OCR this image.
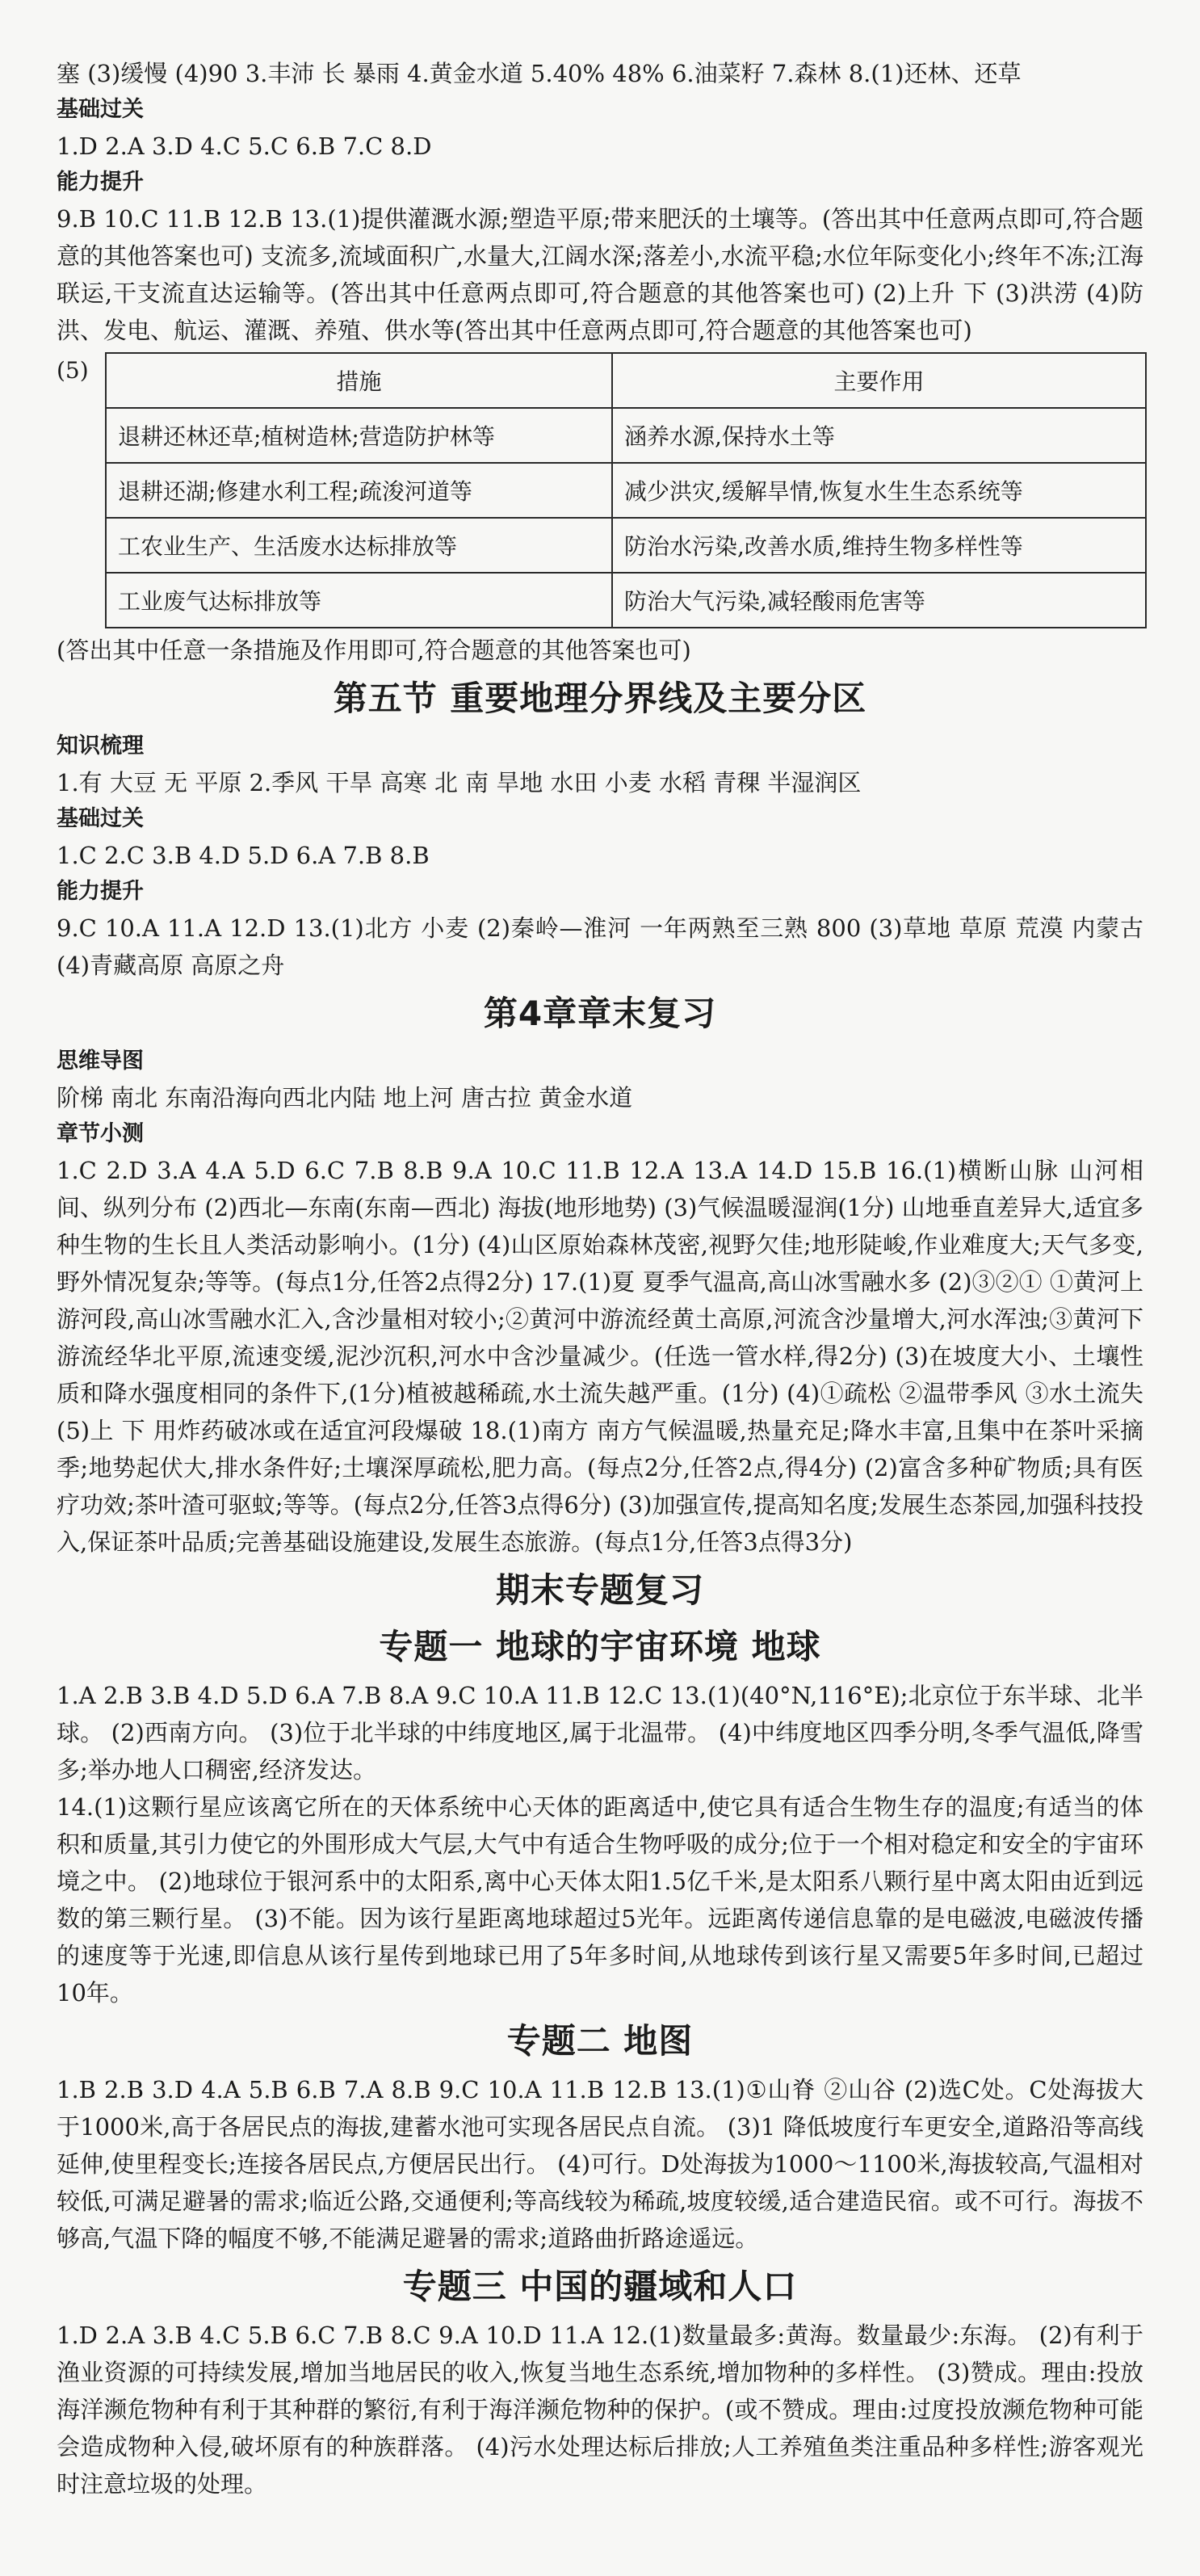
塞 (3)缓慢 (4)90 3.丰沛 长 暴雨 4.黄金水道 5.40% 48% 6.油菜籽 7.森林 8.(1)还林、还草

基础过关

1.D 2.A 3.D 4.C 5.C 6.B 7.C 8.D

能力提升

9.B 10.C 11.B 12.B 13.(1)提供灌溉水源;塑造平原;带来肥沃的土壤等。(答出其中任意两点即可,符合题意的其他答案也可) 支流多,流域面积广,水量大,江阔水深;落差小,水流平稳;水位年际变化小;终年不冻;江海联运,干支流直达运输等。(答出其中任意两点即可,符合题意的其他答案也可) (2)上升 下 (3)洪涝 (4)防洪、发电、航运、灌溉、养殖、供水等(答出其中任意两点即可,符合题意的其他答案也可)

(5)	措施	主要作用
退耕还林还草;植树造林;营造防护林等	涵养水源,保持水土等
退耕还湖;修建水利工程;疏浚河道等	减少洪灾,缓解旱情,恢复水生生态系统等
工农业生产、生活废水达标排放等	防治水污染,改善水质,维持生物多样性等
工业废气达标排放等	防治大气污染,减轻酸雨危害等

(答出其中任意一条措施及作用即可,符合题意的其他答案也可)

第五节 重要地理分界线及主要分区

知识梳理

1.有 大豆 无 平原 2.季风 干旱 高寒 北 南 旱地 水田 小麦 水稻 青稞 半湿润区

基础过关

1.C 2.C 3.B 4.D 5.D 6.A 7.B 8.B

能力提升

9.C 10.A 11.A 12.D 13.(1)北方 小麦 (2)秦岭—淮河 一年两熟至三熟 800 (3)草地 草原 荒漠 内蒙古 (4)青藏高原 高原之舟

第4章章末复习

思维导图

阶梯 南北 东南沿海向西北内陆 地上河 唐古拉 黄金水道

章节小测

1.C 2.D 3.A 4.A 5.D 6.C 7.B 8.B 9.A 10.C 11.B 12.A 13.A 14.D 15.B 16.(1)横断山脉 山河相间、纵列分布 (2)西北—东南(东南—西北) 海拔(地形地势) (3)气候温暖湿润(1分) 山地垂直差异大,适宜多种生物的生长且人类活动影响小。(1分) (4)山区原始森林茂密,视野欠佳;地形陡峻,作业难度大;天气多变,野外情况复杂;等等。(每点1分,任答2点得2分) 17.(1)夏 夏季气温高,高山冰雪融水多 (2)③②① ①黄河上游河段,高山冰雪融水汇入,含沙量相对较小;②黄河中游流经黄土高原,河流含沙量增大,河水浑浊;③黄河下游流经华北平原,流速变缓,泥沙沉积,河水中含沙量减少。(任选一管水样,得2分) (3)在坡度大小、土壤性质和降水强度相同的条件下,(1分)植被越稀疏,水土流失越严重。(1分) (4)①疏松 ②温带季风 ③水土流失 (5)上 下 用炸药破冰或在适宜河段爆破 18.(1)南方 南方气候温暖,热量充足;降水丰富,且集中在茶叶采摘季;地势起伏大,排水条件好;土壤深厚疏松,肥力高。(每点2分,任答2点,得4分) (2)富含多种矿物质;具有医疗功效;茶叶渣可驱蚊;等等。(每点2分,任答3点得6分) (3)加强宣传,提高知名度;发展生态茶园,加强科技投入,保证茶叶品质;完善基础设施建设,发展生态旅游。(每点1分,任答3点得3分)

期末专题复习

专题一 地球的宇宙环境 地球

1.A 2.B 3.B 4.D 5.D 6.A 7.B 8.A 9.C 10.A 11.B 12.C 13.(1)(40°N,116°E);北京位于东半球、北半球。 (2)西南方向。 (3)位于北半球的中纬度地区,属于北温带。 (4)中纬度地区四季分明,冬季气温低,降雪多;举办地人口稠密,经济发达。

14.(1)这颗行星应该离它所在的天体系统中心天体的距离适中,使它具有适合生物生存的温度;有适当的体积和质量,其引力使它的外围形成大气层,大气中有适合生物呼吸的成分;位于一个相对稳定和安全的宇宙环境之中。 (2)地球位于银河系中的太阳系,离中心天体太阳1.5亿千米,是太阳系八颗行星中离太阳由近到远数的第三颗行星。 (3)不能。因为该行星距离地球超过5光年。远距离传递信息靠的是电磁波,电磁波传播的速度等于光速,即信息从该行星传到地球已用了5年多时间,从地球传到该行星又需要5年多时间,已超过10年。

专题二 地图

1.B 2.B 3.D 4.A 5.B 6.B 7.A 8.B 9.C 10.A 11.B 12.B 13.(1)①山脊 ②山谷 (2)选C处。C处海拔大于1000米,高于各居民点的海拔,建蓄水池可实现各居民点自流。 (3)1 降低坡度行车更安全,道路沿等高线延伸,使里程变长;连接各居民点,方便居民出行。 (4)可行。D处海拔为1000～1100米,海拔较高,气温相对较低,可满足避暑的需求;临近公路,交通便利;等高线较为稀疏,坡度较缓,适合建造民宿。或不可行。海拔不够高,气温下降的幅度不够,不能满足避暑的需求;道路曲折路途遥远。

专题三 中国的疆域和人口

1.D 2.A 3.B 4.C 5.B 6.C 7.B 8.C 9.A 10.D 11.A 12.(1)数量最多:黄海。数量最少:东海。 (2)有利于渔业资源的可持续发展,增加当地居民的收入,恢复当地生态系统,增加物种的多样性。 (3)赞成。理由:投放海洋濒危物种有利于其种群的繁衍,有利于海洋濒危物种的保护。(或不赞成。理由:过度投放濒危物种可能会造成物种入侵,破坏原有的种族群落。 (4)污水处理达标后排放;人工养殖鱼类注重品种多样性;游客观光时注意垃圾的处理。
